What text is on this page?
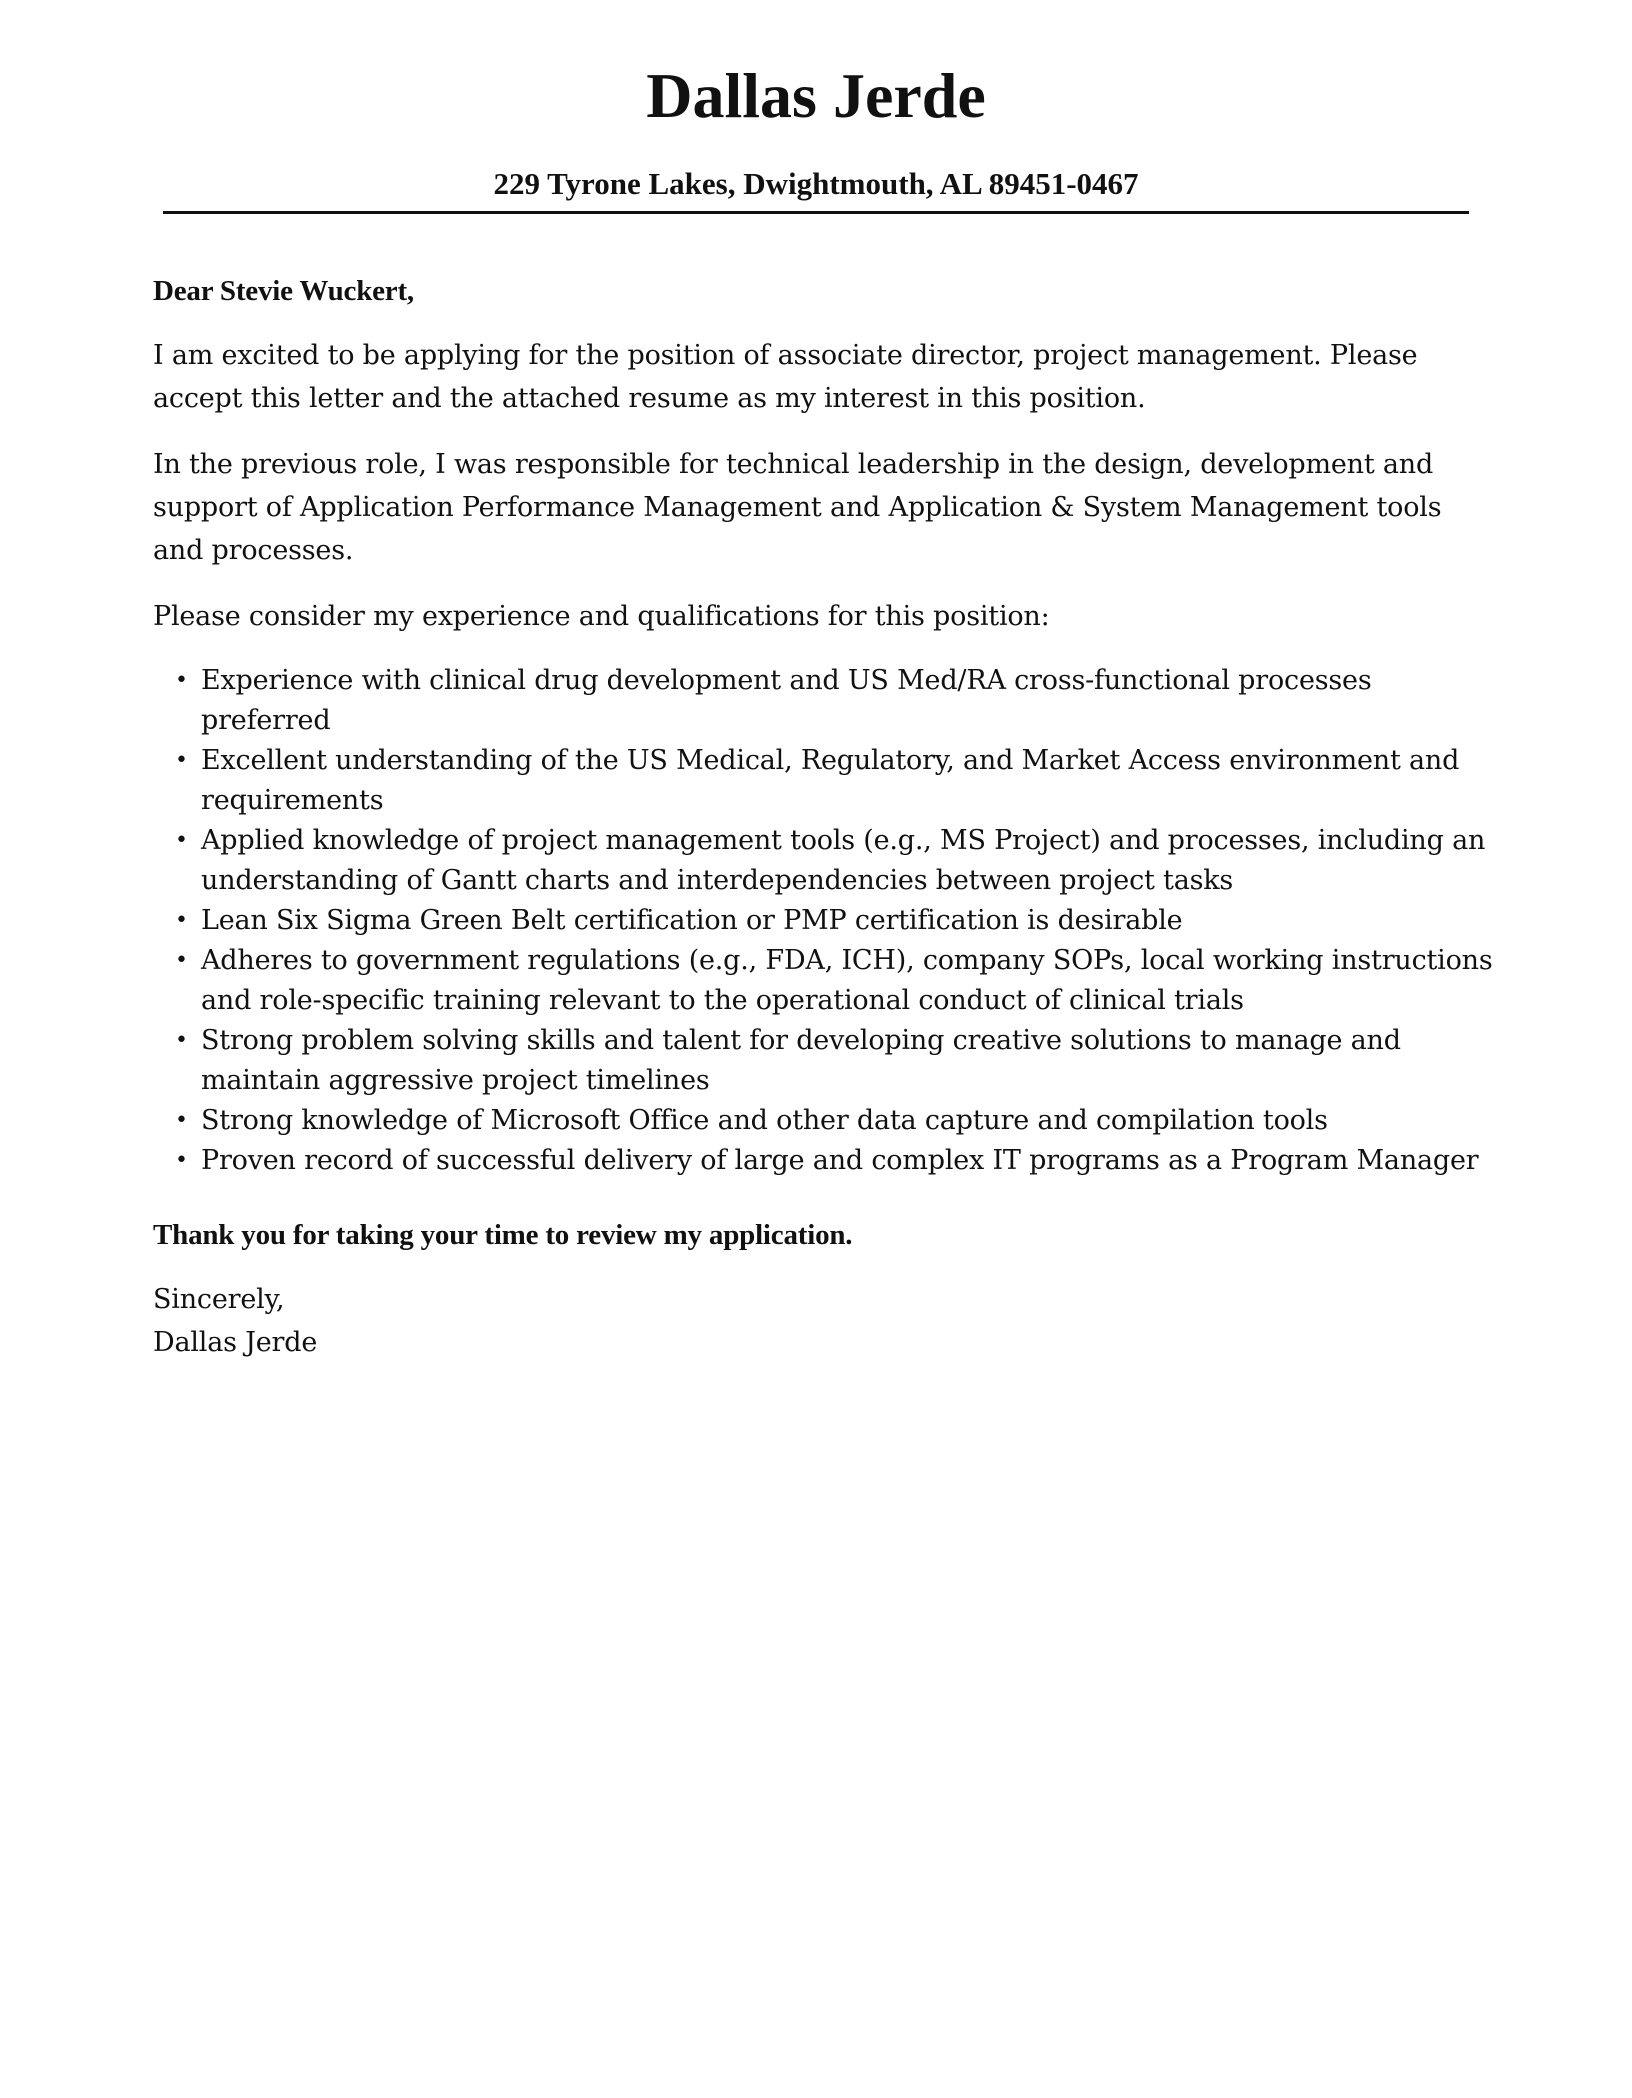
Dallas Jerde
229 Tyrone Lakes, Dwightmouth, AL 89451-0467

Dear Stevie Wuckert,

I am excited to be applying for the position of associate director, project management. Please accept this letter and the attached resume as my interest in this position.

In the previous role, I was responsible for technical leadership in the design, development and support of Application Performance Management and Application & System Management tools and processes.

Please consider my experience and qualifications for this position:

• Experience with clinical drug development and US Med/RA cross-functional processes preferred
• Excellent understanding of the US Medical, Regulatory, and Market Access environment and requirements
• Applied knowledge of project management tools (e.g., MS Project) and processes, including an understanding of Gantt charts and interdependencies between project tasks
• Lean Six Sigma Green Belt certification or PMP certification is desirable
• Adheres to government regulations (e.g., FDA, ICH), company SOPs, local working instructions and role-specific training relevant to the operational conduct of clinical trials
• Strong problem solving skills and talent for developing creative solutions to manage and maintain aggressive project timelines
• Strong knowledge of Microsoft Office and other data capture and compilation tools
• Proven record of successful delivery of large and complex IT programs as a Program Manager

Thank you for taking your time to review my application.

Sincerely,

Dallas Jerde
